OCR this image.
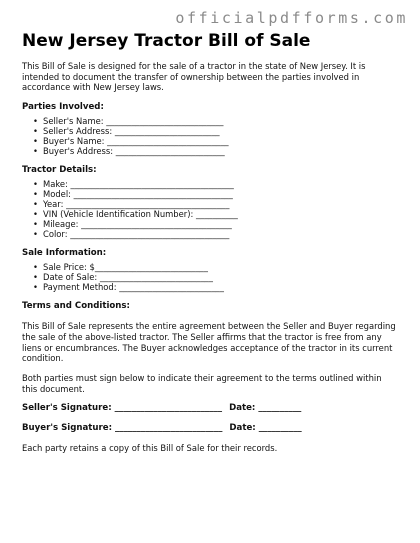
officialpdfforms.com
New Jersey Tractor Bill of Sale

This Bill of Sale is designed for the sale of a tractor in the state of New Jersey. It is intended to document the transfer of ownership between the parties involved in accordance with New Jersey laws.

Parties Involved:
• Seller's Name: ____________________________
• Seller's Address: _________________________
• Buyer's Name: _____________________________
• Buyer's Address: __________________________
Tractor Details:
• Make: _______________________________________
• Model: ______________________________________
• Year: _______________________________________
• VIN (Vehicle Identification Number): __________
• Mileage: ____________________________________
• Color: ______________________________________
Sale Information:
• Sale Price: $___________________________
• Date of Sale: ___________________________
• Payment Method: _________________________
Terms and Conditions:

This Bill of Sale represents the entire agreement between the Seller and Buyer regarding the sale of the above-listed tractor. The Seller affirms that the tractor is free from any liens or encumbrances. The Buyer acknowledges acceptance of the tractor in its current condition.

Both parties must sign below to indicate their agreement to the terms outlined within this document.

Seller's Signature: _________________________ Date: __________
Buyer's Signature: _________________________ Date: __________

Each party retains a copy of this Bill of Sale for their records.
